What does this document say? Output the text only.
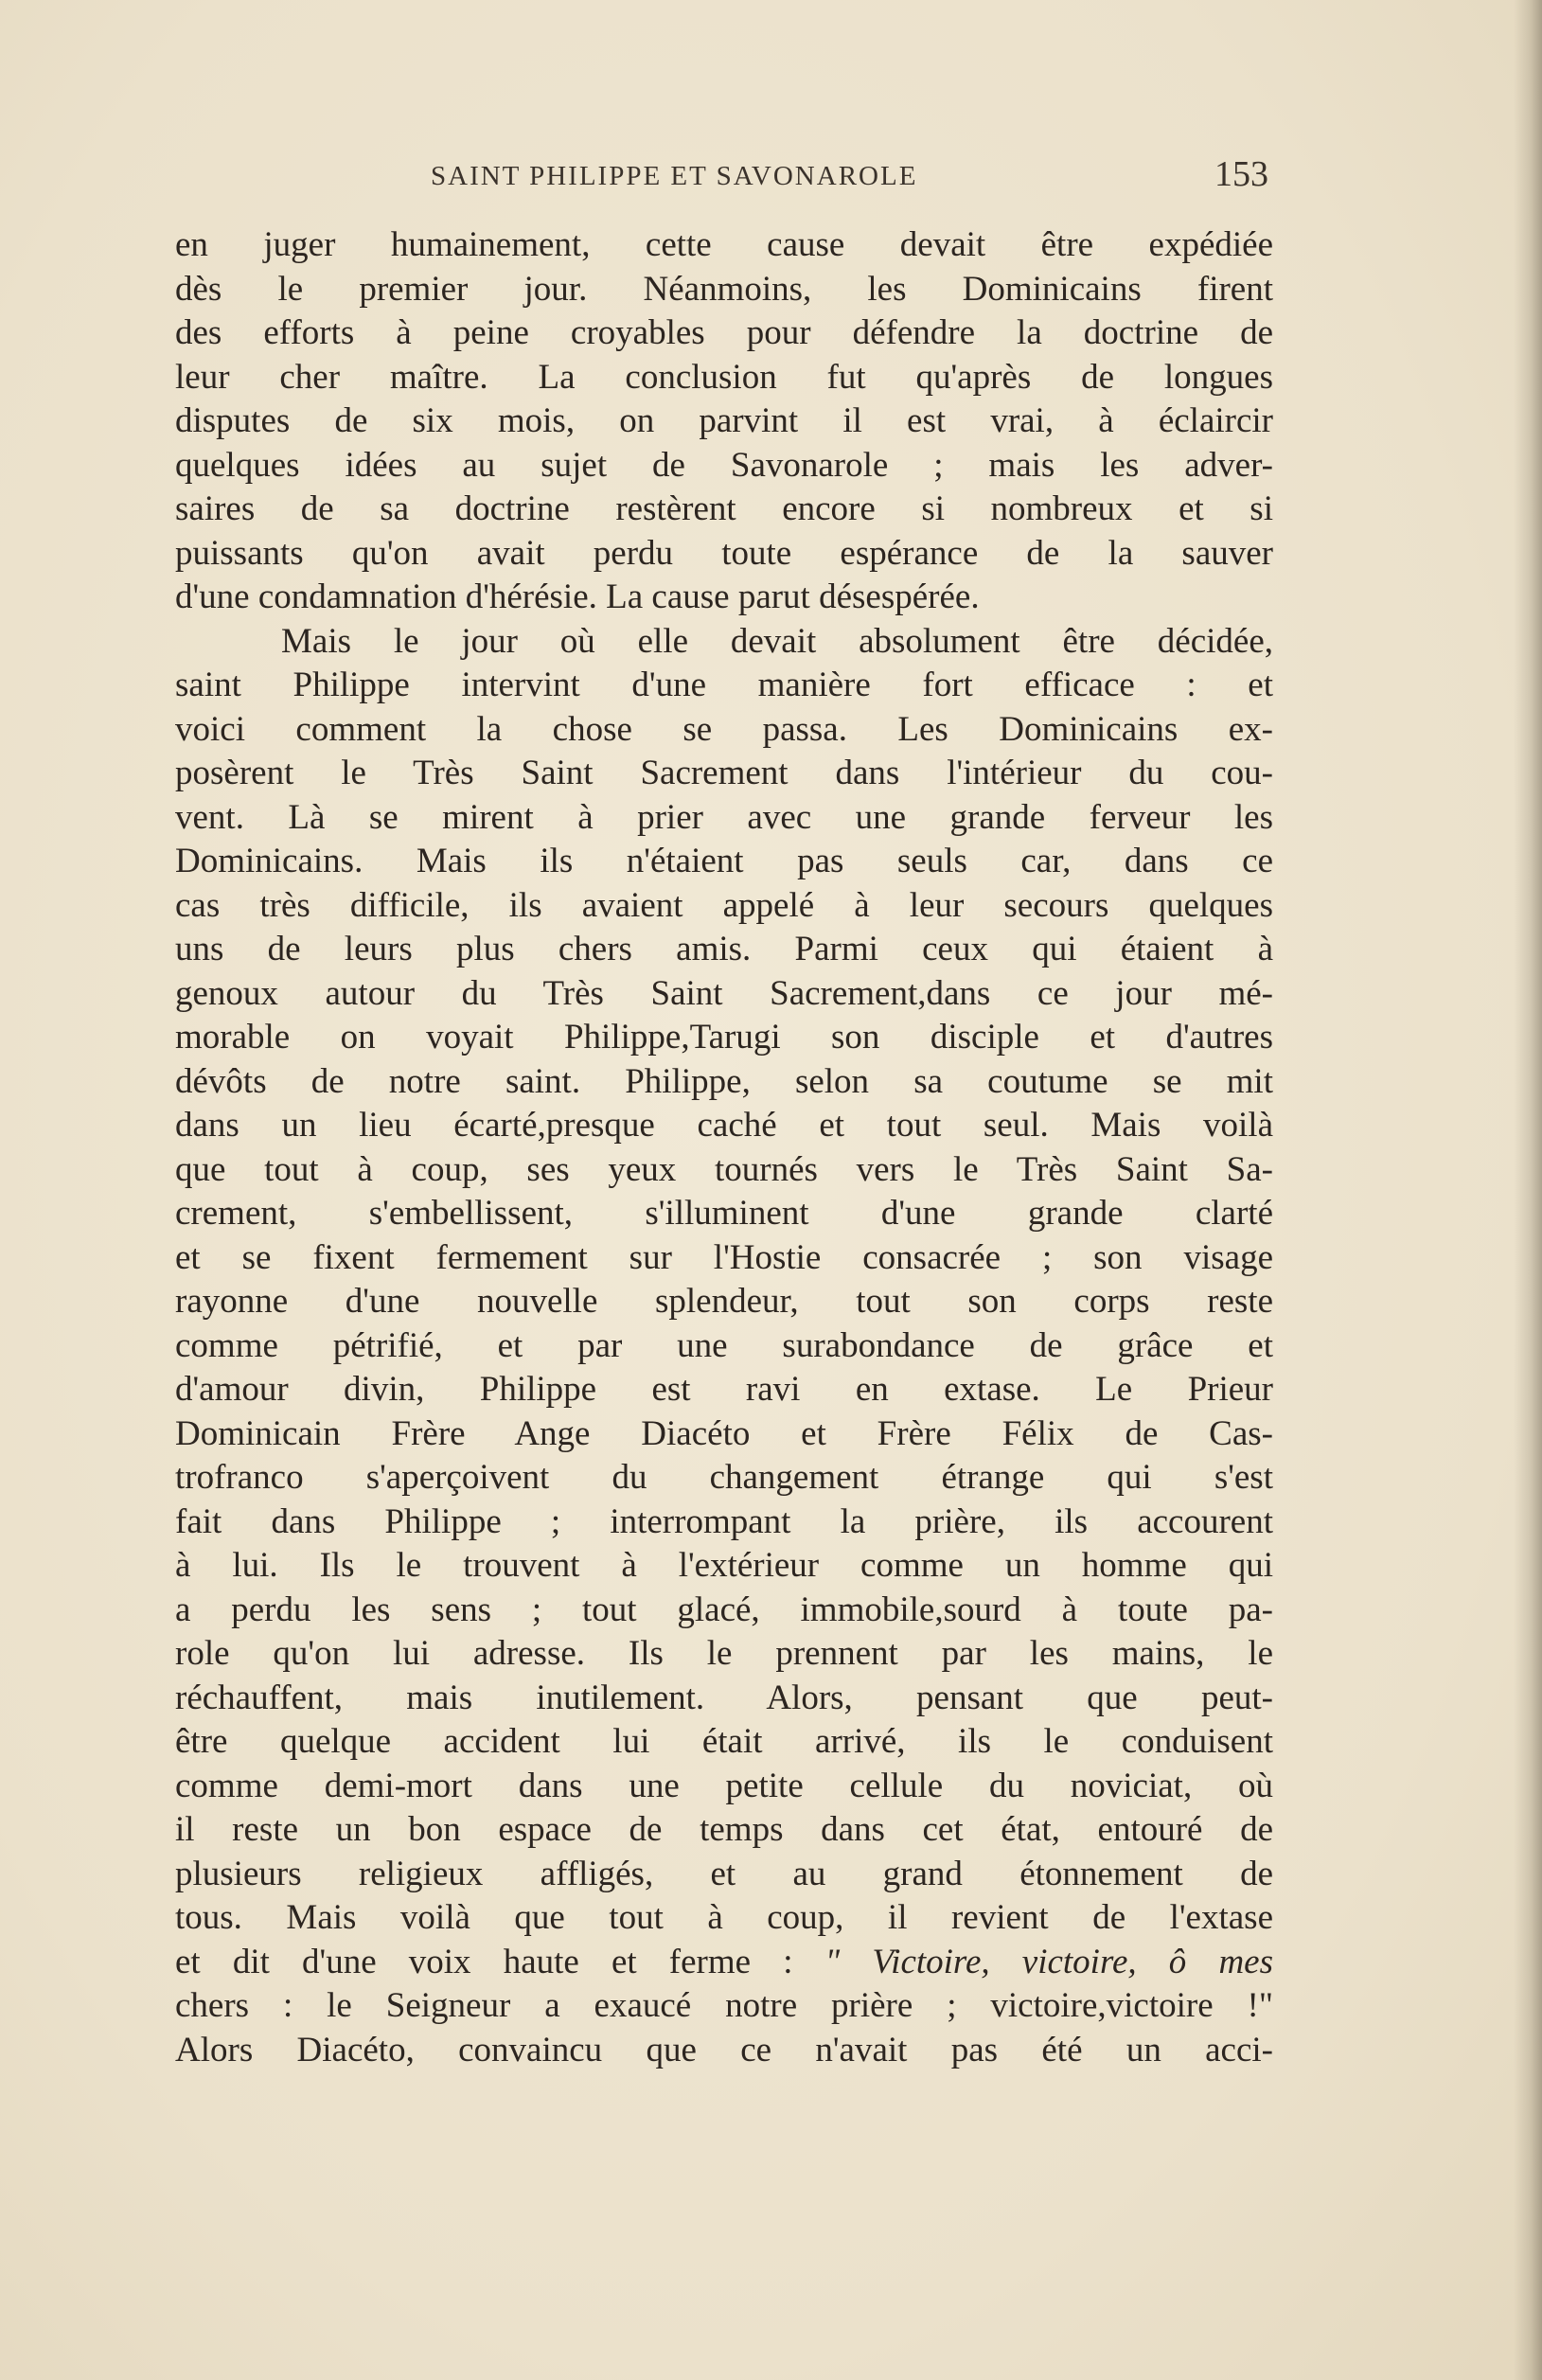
SAINT PHILIPPE ET SAVONAROLE	153
en juger humainement, cette cause devait être expédiée
dès le premier jour. Néanmoins, les Dominicains firent
des efforts à peine croyables pour défendre la doctrine de
leur cher maître. La conclusion fut qu'après de longues
disputes de six mois, on parvint il est vrai, à éclaircir
quelques idées au sujet de Savonarole ; mais les adver-
saires de sa doctrine restèrent encore si nombreux et si
puissants qu'on avait perdu toute espérance de la sauver
d'une condamnation d'hérésie. La cause parut désespérée.
Mais le jour où elle devait absolument être décidée,
saint Philippe intervint d'une manière fort efficace : et
voici comment la chose se passa. Les Dominicains ex-
posèrent le Très Saint Sacrement dans l'intérieur du cou-
vent. Là se mirent à prier avec une grande ferveur les
Dominicains. Mais ils n'étaient pas seuls car, dans ce
cas très difficile, ils avaient appelé à leur secours quelques
uns de leurs plus chers amis. Parmi ceux qui étaient à
genoux autour du Très Saint Sacrement,dans ce jour mé-
morable on voyait Philippe,Tarugi son disciple et d'autres
dévôts de notre saint. Philippe, selon sa coutume se mit
dans un lieu écarté,presque caché et tout seul. Mais voilà
que tout à coup, ses yeux tournés vers le Très Saint Sa-
crement, s'embellissent, s'illuminent d'une grande clarté
et se fixent fermement sur l'Hostie consacrée ; son visage
rayonne d'une nouvelle splendeur, tout son corps reste
comme pétrifié, et par une surabondance de grâce et
d'amour divin, Philippe est ravi en extase. Le Prieur
Dominicain Frère Ange Diacéto et Frère Félix de Cas-
trofranco s'aperçoivent du changement étrange qui s'est
fait dans Philippe ; interrompant la prière, ils accourent
à lui. Ils le trouvent à l'extérieur comme un homme qui
a perdu les sens ; tout glacé, immobile,sourd à toute pa-
role qu'on lui adresse. Ils le prennent par les mains, le
réchauffent, mais inutilement. Alors, pensant que peut-
être quelque accident lui était arrivé, ils le conduisent
comme demi-mort dans une petite cellule du noviciat, où
il reste un bon espace de temps dans cet état, entouré de
plusieurs religieux affligés, et au grand étonnement de
tous. Mais voilà que tout à coup, il revient de l'extase
et dit d'une voix haute et ferme : " Victoire, victoire, ô mes
chers : le Seigneur a exaucé notre prière ; victoire,victoire !"
Alors Diacéto, convaincu que ce n'avait pas été un acci-
